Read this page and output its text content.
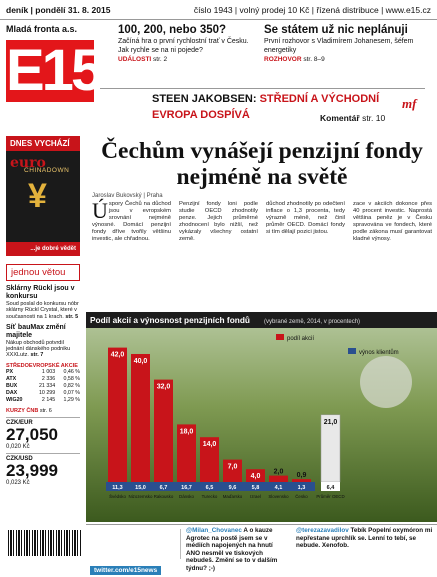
deník | pondělí 31. 8. 2015	číslo 1943 | volný prodej 10 Kč | řízená distribuce | www.e15.cz
Mladá fronta a.s.
E15
100, 200, nebo 350?

Začíná hra o první rychlostní trať v Česku. Jak rychle se na ni pojede?

UDÁLOSTI str. 2
Se státem už nic neplánuji

První rozhovor s Vladimírem Johanesem, šéfem energetiky

ROZHOVOR str. 8–9
STEEN JAKOBSEN: STŘEDNÍ A VÝCHODNÍ
EVROPA DOSPÍVÁ	Komentář str. 10
mf
DNES VYCHÁZÍ
euro
CHINADOWN
¥
...je dobré vědět
jednou větou
Sklárny Rückl jsou v konkursu

Soud poslal do konkursu nóbr sklárny Rückl Crystal, které v současnosti na 1 krach. str. 5

Síť bauMax změní majitele

Nákup obchodů potvrdil jednání dánského podniku XXXLutz. str. 7

STŘEDOEVROPSKÉ AKCIE
PX	1 003	0,46 %
ATX	2 336	0,58 %
BUX	21 334	0,82 %
DAX	10 299	0,07 %
WIG20	2 145	1,29 %
KURZY ČNB str. 6
CZK/EUR
27,050
0,020 Kč
CZK/USD
23,999
0,023 Kč
Čechům vynášejí penzijní fondy nejméně na světě
Jaroslav Bukovský | Praha
Úspory Čechů na důchod jsou v evropském srovnání nejméně výnosné. Domácí penzijní fondy dříve tvořily většinu investic, ale chřadnou.
Penzijní fondy loni podle studie OECD zhodnotily penze. Jejich průměrné zhodnocení bylo nižší, než vykázaly všechny ostatní země.
důchod zhodnotily po odečtení inflace o 1,3 procenta, tedy výrazně méně, než činil průměr OECD. Domácí fondy si tím dělají pozici jistou.
zace v akciích dokonce přes 40 procent investic. Naprostá většina peněz je v Česku spravována ve fondech, které podle zákona musí garantovat kladné výnosy.
Podíl akcií a výnosnost penzijních fondů (vybrané země, 2014, v procentech)
podíl akcií
výnos klientům
42,0
11,3
Švédsko
40,0
15,0
Nizozemsko
32,0
6,7
Rakousko
18,0
16,7
Dánsko
14,0
6,5
Turecko
7,0
9,6
Maďarsko
4,0
5,8
Izrael
2,0
4,1
Slovensko
0,9
1,3
Česko
21,0
6,4
Průměr OECD
@Milan_Chovanec A o kauze Agrotec na postě jsem se v médiích napojených na hnutí ANO nesměl ve tiskových nebudeš. Změní se to v dalším týdnu? ;-)
@terezazavadilov Tebík Popelní oxymóron mi nepřestane uprchlík se. Lenní to tebí, se nebude. Xenofob.
twitter.com/e15news
